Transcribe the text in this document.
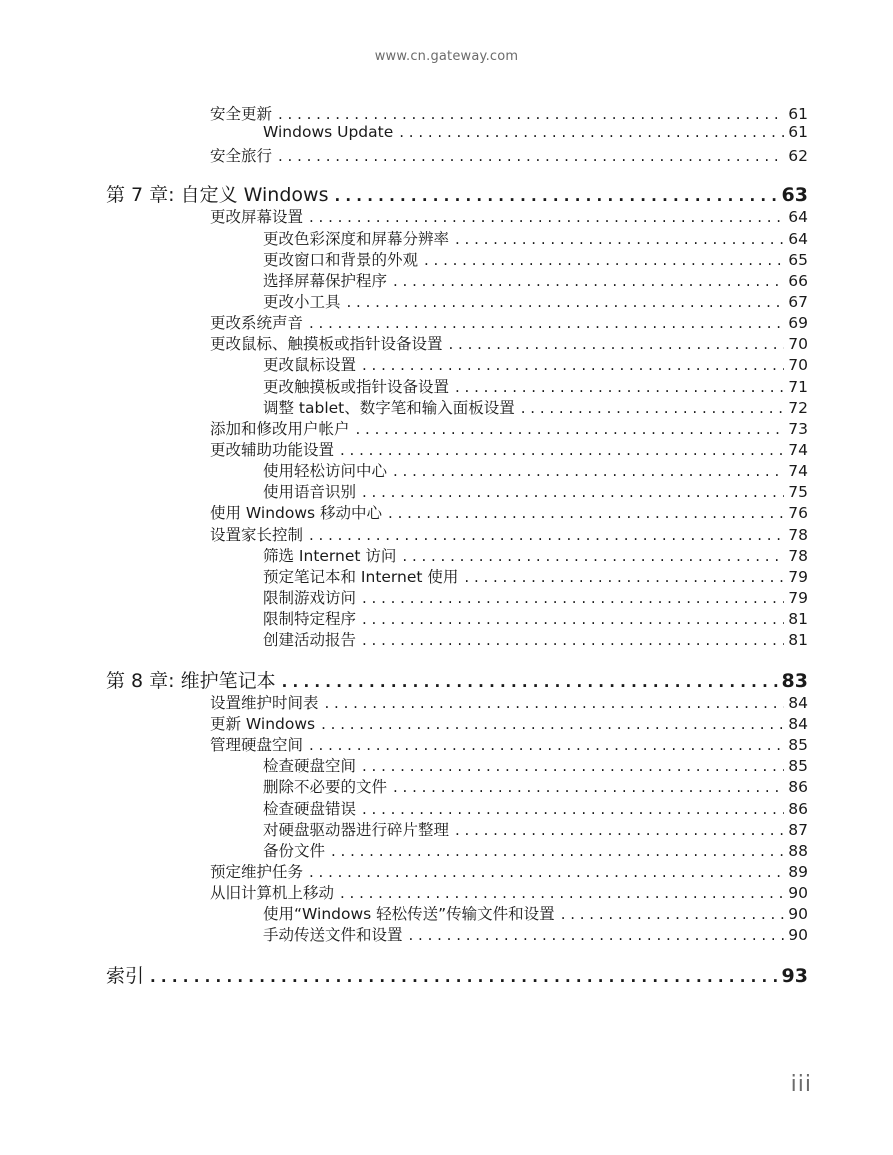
www.cn.gateway.com
安全更新 . . .	61
Windows Update . . .	61
安全旅行 . . .	62
第 7 章: 自定义 Windows . . .	63
更改屏幕设置 . . .	64
更改色彩深度和屏幕分辨率 . . .	64
更改窗口和背景的外观 . . .	65
选择屏幕保护程序 . . .	66
更改小工具 . . .	67
更改系统声音 . . .	69
更改鼠标、触摸板或指针设备设置 . . .	70
更改鼠标设置 . . .	70
更改触摸板或指针设备设置 . . .	71
调整 tablet、数字笔和输入面板设置 . . .	72
添加和修改用户帐户 . . .	73
更改辅助功能设置 . . .	74
使用轻松访问中心 . . .	74
使用语音识别 . . .	75
使用 Windows 移动中心 . . .	76
设置家长控制 . . .	78
筛选 Internet 访问 . . .	78
预定笔记本和 Internet 使用 . . .	79
限制游戏访问 . . .	79
限制特定程序 . . .	81
创建活动报告 . . .	81
第 8 章: 维护笔记本 . . .	83
设置维护时间表 . . .	84
更新 Windows . . .	84
管理硬盘空间 . . .	85
检查硬盘空间 . . .	85
删除不必要的文件 . . .	86
检查硬盘错误 . . .	86
对硬盘驱动器进行碎片整理 . . .	87
备份文件 . . .	88
预定维护任务 . . .	89
从旧计算机上移动 . . .	90
使用“Windows 轻松传送”传输文件和设置 . . .	90
手动传送文件和设置 . . .	90
索引 . . .	93
iii
